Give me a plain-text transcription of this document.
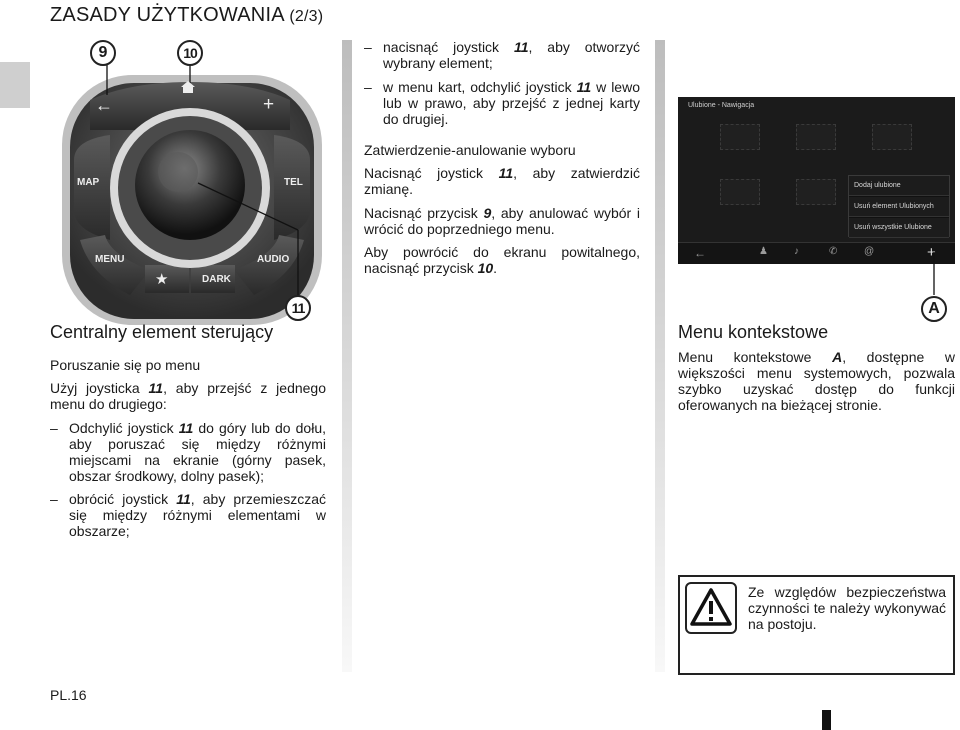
ZASADY UŻYTKOWANIA (2/3)
9	10
11
←	+
★
MAP	TEL
MENU	AUDIO
DARK
Centralny element sterujący
Poruszanie się po menu
Użyj joysticka 11, aby przejść z jednego menu do drugiego:
– Odchylić joystick 11 do góry lub do dołu, aby poruszać się między różnymi miejscami na ekranie (górny pasek, obszar środkowy, dolny pasek);
– obrócić joystick 11, aby przemieszczać się między różnymi elementami w obszarze;
– nacisnąć joystick 11, aby otworzyć wybrany element;
– w menu kart, odchylić joystick 11 w lewo lub w prawo, aby przejść z jednej karty do drugiej.
Zatwierdzenie-anulowanie wyboru
Nacisnąć joystick 11, aby zatwierdzić zmianę.
Nacisnąć przycisk 9, aby anulować wybór i wrócić do poprzedniego menu.
Aby powrócić do ekranu powitalnego, nacisnąć przycisk 10.
Ulubione - Nawigacja
Dodaj ulubione
Usuń element Ulubionych
Usuń wszystkie Ulubione
←	♟	♪	✆	@	+
A
Menu kontekstowe
Menu kontekstowe A, dostępne w większości menu systemowych, pozwala szybko uzyskać dostęp do funkcji oferowanych na bieżącej stronie.
Ze względów bezpieczeństwa czynności te należy wykonywać na postoju.
PL.16
